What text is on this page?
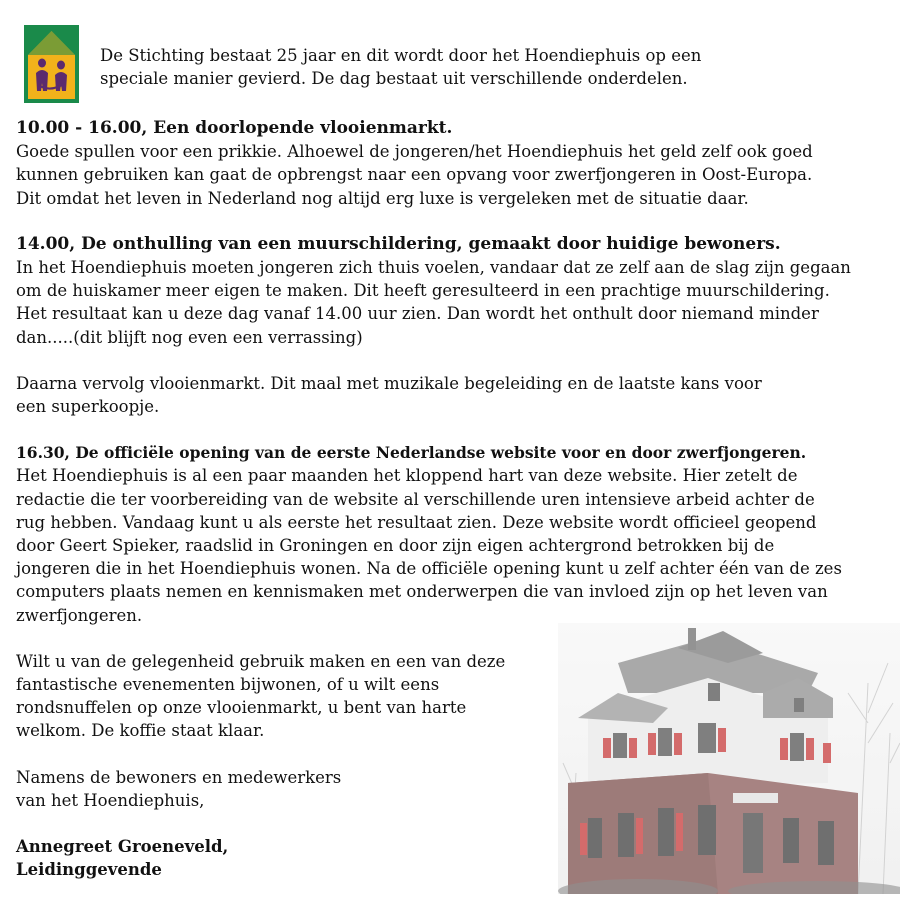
De Stichting bestaat 25 jaar en dit wordt door het Hoendiephuis op een
speciale manier gevierd. De dag bestaat uit verschillende onderdelen.

10.00 - 16.00, Een doorlopende vlooienmarkt.
Goede spullen voor een prikkie. Alhoewel de jongeren/het Hoendiephuis het geld zelf ook goed
kunnen gebruiken kan gaat de opbrengst naar een opvang voor zwerfjongeren in Oost-Europa.
Dit omdat het leven in Nederland nog altijd erg luxe is vergeleken met de situatie daar.

14.00, De onthulling van een muurschildering, gemaakt door huidige bewoners.
In het Hoendiephuis moeten jongeren zich thuis voelen, vandaar dat ze zelf aan de slag zijn gegaan
om de huiskamer meer eigen te maken. Dit heeft geresulteerd in een prachtige muurschildering.
Het resultaat kan u deze dag vanaf 14.00 uur zien. Dan wordt het onthult door niemand minder
dan.....(dit blijft nog even een verrassing)

Daarna vervolg vlooienmarkt. Dit maal met muzikale begeleiding en de laatste kans voor
een superkoopje.

16.30, De officiële opening van de eerste Nederlandse website voor en door zwerfjongeren.
Het Hoendiephuis is al een paar maanden het kloppend hart van deze website. Hier zetelt de
redactie die ter voorbereiding van de website al verschillende uren intensieve arbeid achter de
rug hebben. Vandaag kunt u als eerste het resultaat zien. Deze website wordt officieel geopend
door Geert Spieker, raadslid in Groningen en door zijn eigen achtergrond betrokken bij de
jongeren die in het Hoendiephuis wonen. Na de officiële opening kunt u zelf achter één van de zes
computers plaats nemen en kennismaken met onderwerpen die van invloed zijn op het leven van
zwerfjongeren.

Wilt u van de gelegenheid gebruik maken en een van deze
fantastische evenementen bijwonen, of u wilt eens
rondsnuffelen op onze vlooienmarkt, u bent van harte
welkom. De koffie staat klaar.

Namens de bewoners en medewerkers
van het Hoendiephuis,

Annegreet Groeneveld,
Leidinggevende
